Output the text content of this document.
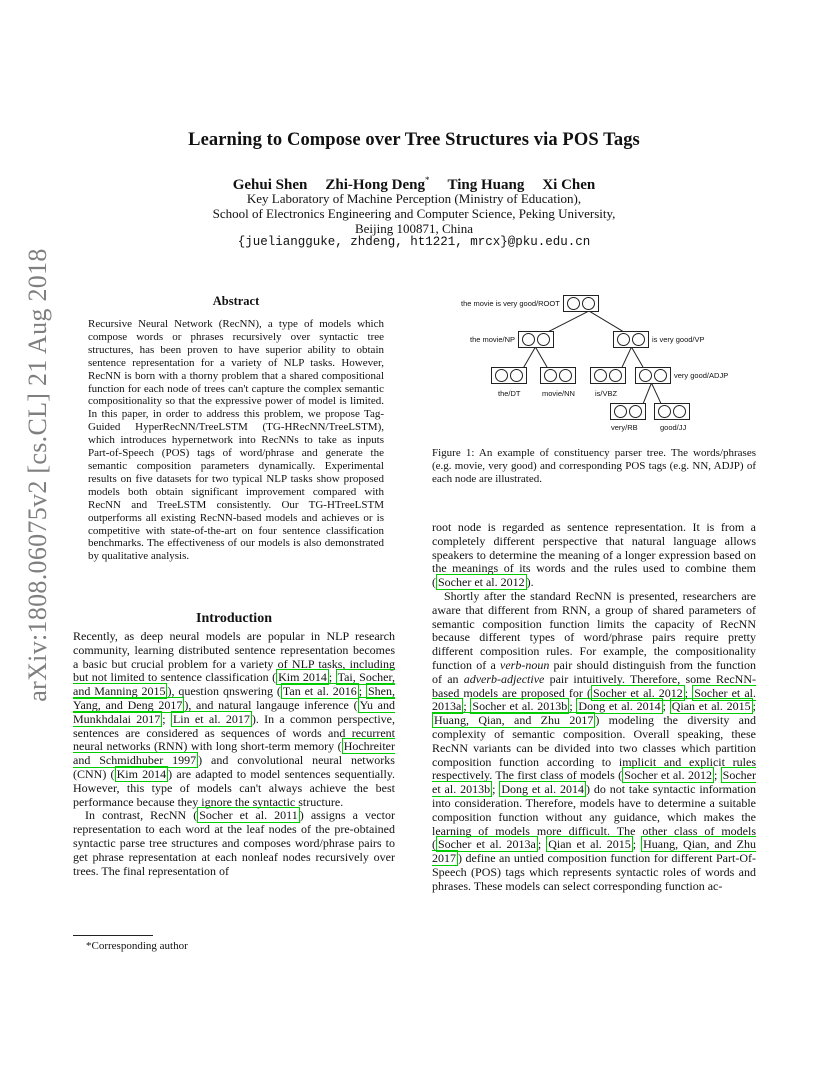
arXiv:1808.06075v2 [cs.CL] 21 Aug 2018
Learning to Compose over Tree Structures via POS Tags
Gehui Shen Zhi-Hong Deng* Ting Huang Xi Chen
Key Laboratory of Machine Perception (Ministry of Education),
School of Electronics Engineering and Computer Science, Peking University,
Beijing 100871, China
{jueliangguke, zhdeng, ht1221, mrcx}@pku.edu.cn
Abstract
Recursive Neural Network (RecNN), a type of models which compose words or phrases recursively over syntactic tree structures, has been proven to have superior ability to obtain sentence representation for a variety of NLP tasks. However, RecNN is born with a thorny problem that a shared compositional function for each node of trees can't capture the complex semantic compositionality so that the expressive power of model is limited. In this paper, in order to address this problem, we propose Tag-Guided HyperRecNN/TreeLSTM (TG-HRecNN/TreeLSTM), which introduces hypernetwork into RecNNs to take as inputs Part-of-Speech (POS) tags of word/phrase and generate the semantic composition parameters dynamically. Experimental results on five datasets for two typical NLP tasks show proposed models both obtain significant improvement compared with RecNN and TreeLSTM consistently. Our TG-HTreeLSTM outperforms all existing RecNN-based models and achieves or is competitive with state-of-the-art on four sentence classification benchmarks. The effectiveness of our models is also demonstrated by qualitative analysis.
Introduction

Recently, as deep neural models are popular in NLP research community, learning distributed sentence representation becomes a basic but crucial problem for a variety of NLP tasks, including but not limited to sentence classification ( Kim 2014 ; Tai, Socher, and Manning 2015 ), question qnswering ( Tan et al. 2016 ; Shen, Yang, and Deng 2017 ), and natural langauge inference ( Yu and Munkhdalai 2017 ; Lin et al. 2017 ). In a common perspective, sentences are considered as sequences of words and recurrent neural networks (RNN) with long short-term memory ( Hochreiter and Schmidhuber 1997 ) and convolutional neural networks (CNN) ( Kim 2014 ) are adapted to model sentences sequentially. However, this type of models can't always achieve the best performance because they ignore the syntactic structure.

In contrast, RecNN ( Socher et al. 2011 ) assigns a vector representation to each word at the leaf nodes of the pre-obtained syntactic parse tree structures and composes word/phrase pairs to get phrase representation at each nonleaf nodes recursively over trees. The final representation of

*Corresponding author
the movie is very good/ROOT
the movie/NP	is very good/VP
the/DT	movie/NN	is/VBZ
very good/ADJP
very/RB	good/JJ
Figure 1: An example of constituency parser tree. The words/phrases (e.g. movie, very good) and corresponding POS tags (e.g. NN, ADJP) of each node are illustrated.

root node is regarded as sentence representation. It is from a completely different perspective that natural language allows speakers to determine the meaning of a longer expression based on the meanings of its words and the rules used to combine them ( Socher et al. 2012 ).

Shortly after the standard RecNN is presented, researchers are aware that different from RNN, a group of shared parameters of semantic composition function limits the capacity of RecNN because different types of word/phrase pairs require pretty different composition rules. For example, the compositionality function of a verb-noun pair should distinguish from the function of an adverb-adjective pair intuitively. Therefore, some RecNN-based models are proposed for ( Socher et al. 2012 ; Socher et al. 2013a ; Socher et al. 2013b ; Dong et al. 2014 ; Qian et al. 2015 ; Huang, Qian, and Zhu 2017 ) modeling the diversity and complexity of semantic composition. Overall speaking, these RecNN variants can be divided into two classes which partition composition function according to implicit and explicit rules respectively. The first class of models ( Socher et al. 2012 ; Socher et al. 2013b ; Dong et al. 2014 ) do not take syntactic information into consideration. Therefore, models have to determine a suitable composition function without any guidance, which makes the learning of models more difficult. The other class of models ( Socher et al. 2013a ; Qian et al. 2015 ; Huang, Qian, and Zhu 2017 ) define an untied composition function for different Part-Of-Speech (POS) tags which represents syntactic roles of words and phrases. These models can select corresponding function ac-
